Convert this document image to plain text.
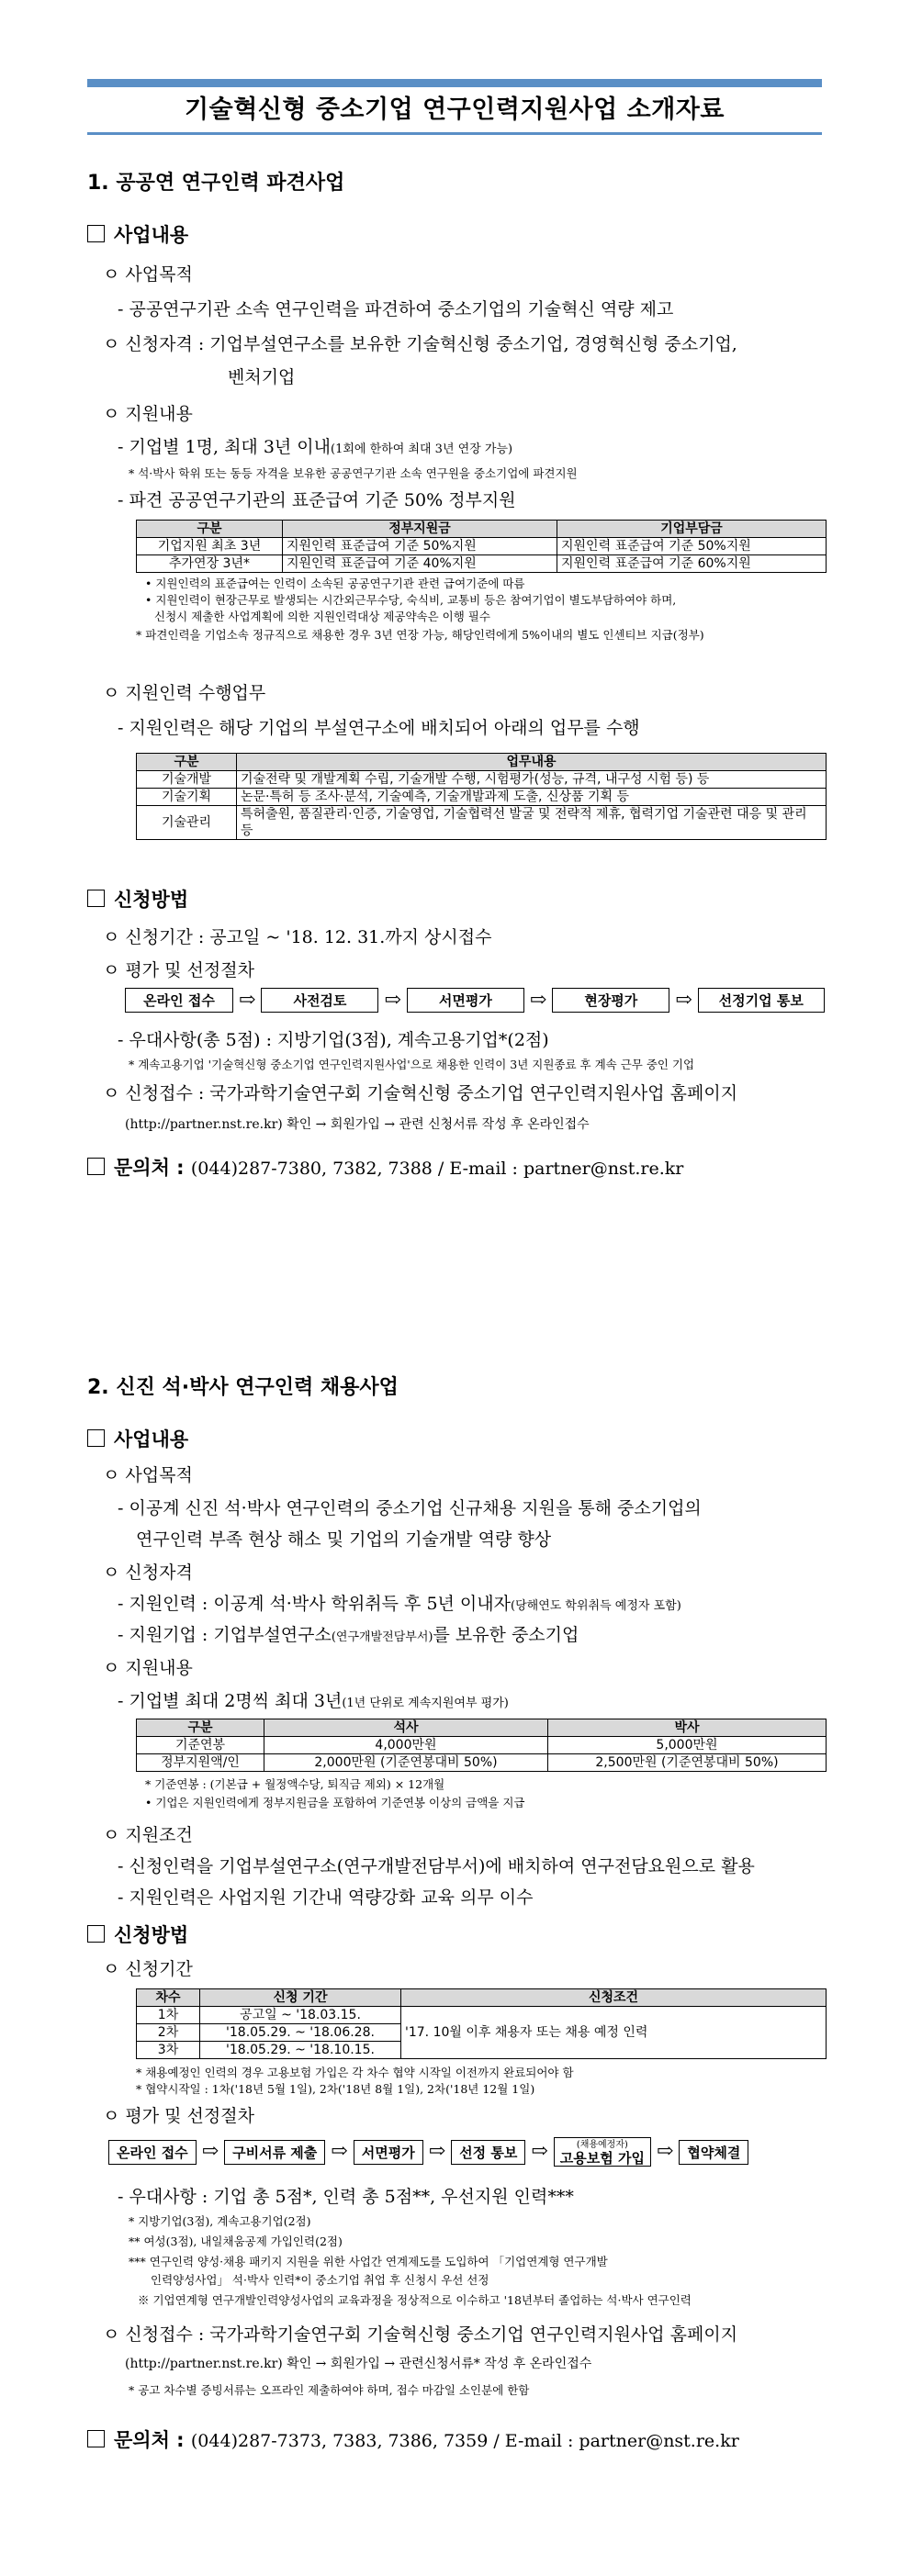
기술혁신형 중소기업 연구인력지원사업 소개자료
1. 공공연 연구인력 파견사업
사업내용
ㅇ 사업목적
- 공공연구기관 소속 연구인력을 파견하여 중소기업의 기술혁신 역량 제고
ㅇ 신청자격 : 기업부설연구소를 보유한 기술혁신형 중소기업, 경영혁신형 중소기업,
벤처기업
ㅇ 지원내용
- 기업별 1명, 최대 3년 이내(1회에 한하여 최대 3년 연장 가능)
* 석·박사 학위 또는 동등 자격을 보유한 공공연구기관 소속 연구원을 중소기업에 파견지원
- 파견 공공연구기관의 표준급여 기준 50% 정부지원
구분	정부지원금	기업부담금
기업지원 최초 3년	지원인력 표준급여 기준 50%지원	지원인력 표준급여 기준 50%지원
추가연장 3년*	지원인력 표준급여 기준 40%지원	지원인력 표준급여 기준 60%지원
• 지원인력의 표준급여는 인력이 소속된 공공연구기관 관련 급여기준에 따름
• 지원인력이 현장근무로 발생되는 시간외근무수당, 숙식비, 교통비 등은 참여기업이 별도부담하여야 하며,
신청시 제출한 사업계획에 의한 지원인력대상 제공약속은 이행 필수
* 파견인력을 기업소속 정규직으로 채용한 경우 3년 연장 가능, 해당인력에게 5%이내의 별도 인센티브 지급(정부)
ㅇ 지원인력 수행업무
- 지원인력은 해당 기업의 부설연구소에 배치되어 아래의 업무를 수행
구분	업무내용
기술개발	기술전략 및 개발계획 수립, 기술개발 수행, 시험평가(성능, 규격, 내구성 시험 등) 등
기술기획	논문·특허 등 조사·분석, 기술예측, 기술개발과제 도출, 신상품 기획 등
기술관리	특허출원, 품질관리·인증, 기술영업, 기술협력선 발굴 및 전략적 제휴, 협력기업 기술관련 대응 및 관리 등
신청방법
ㅇ 신청기간 : 공고일 ~ '18. 12. 31.까지 상시접수
ㅇ 평가 및 선정절차
온라인 접수	⇨	사전검토	⇨	서면평가	⇨	현장평가	⇨	선정기업 통보
- 우대사항(총 5점) : 지방기업(3점), 계속고용기업*(2점)
* 계속고용기업 '기술혁신형 중소기업 연구인력지원사업'으로 채용한 인력이 3년 지원종료 후 계속 근무 중인 기업
ㅇ 신청접수 : 국가과학기술연구회 기술혁신형 중소기업 연구인력지원사업 홈페이지
(http://partner.nst.re.kr) 확인 → 회원가입 → 관련 신청서류 작성 후 온라인접수
문의처 : (044)287-7380, 7382, 7388 / E-mail : partner@nst.re.kr
2. 신진 석·박사 연구인력 채용사업
사업내용
ㅇ 사업목적
- 이공계 신진 석·박사 연구인력의 중소기업 신규채용 지원을 통해 중소기업의
연구인력 부족 현상 해소 및 기업의 기술개발 역량 향상
ㅇ 신청자격
- 지원인력 : 이공계 석·박사 학위취득 후 5년 이내자(당해연도 학위취득 예정자 포함)
- 지원기업 : 기업부설연구소(연구개발전담부서)를 보유한 중소기업
ㅇ 지원내용
- 기업별 최대 2명씩 최대 3년(1년 단위로 계속지원여부 평가)
구분	석사	박사
기준연봉	4,000만원	5,000만원
정부지원액/인	2,000만원 (기준연봉대비 50%)	2,500만원 (기준연봉대비 50%)
* 기준연봉 : (기본급 + 월정액수당, 퇴직금 제외) × 12개월
• 기업은 지원인력에게 정부지원금을 포함하여 기준연봉 이상의 금액을 지급
ㅇ 지원조건
- 신청인력을 기업부설연구소(연구개발전담부서)에 배치하여 연구전담요원으로 활용
- 지원인력은 사업지원 기간내 역량강화 교육 의무 이수
신청방법
ㅇ 신청기간
차수	신청 기간	신청조건
1차	공고일 ~ '18.03.15.	'17. 10월 이후 채용자 또는 채용 예정 인력
2차	'18.05.29. ~ '18.06.28.	
3차	'18.05.29. ~ '18.10.15.	
* 채용예정인 인력의 경우 고용보험 가입은 각 차수 협약 시작일 이전까지 완료되어야 함
* 협약시작일 : 1차('18년 5월 1일), 2차('18년 8월 1일), 2차('18년 12월 1일)
ㅇ 평가 및 선정절차
온라인 접수 ⇨	구비서류 제출 ⇨	서면평가 ⇨	선정 통보 ⇨	(채용예정자)
고용보험 가입 ⇨	협약체결
- 우대사항 : 기업 총 5점*, 인력 총 5점**, 우선지원 인력***
* 지방기업(3점), 계속고용기업(2점)
** 여성(3점), 내일채움공제 가입인력(2점)
*** 연구인력 양성·채용 패키지 지원을 위한 사업간 연계제도를 도입하여 「기업연계형 연구개발
인력양성사업」 석·박사 인력*이 중소기업 취업 후 신청시 우선 선정
※ 기업연계형 연구개발인력양성사업의 교육과정을 정상적으로 이수하고 '18년부터 졸업하는 석·박사 연구인력
ㅇ 신청접수 : 국가과학기술연구회 기술혁신형 중소기업 연구인력지원사업 홈페이지
(http://partner.nst.re.kr) 확인 → 회원가입 → 관련신청서류* 작성 후 온라인접수
* 공고 차수별 증빙서류는 오프라인 제출하여야 하며, 접수 마감일 소인분에 한함
문의처 : (044)287-7373, 7383, 7386, 7359 / E-mail : partner@nst.re.kr
